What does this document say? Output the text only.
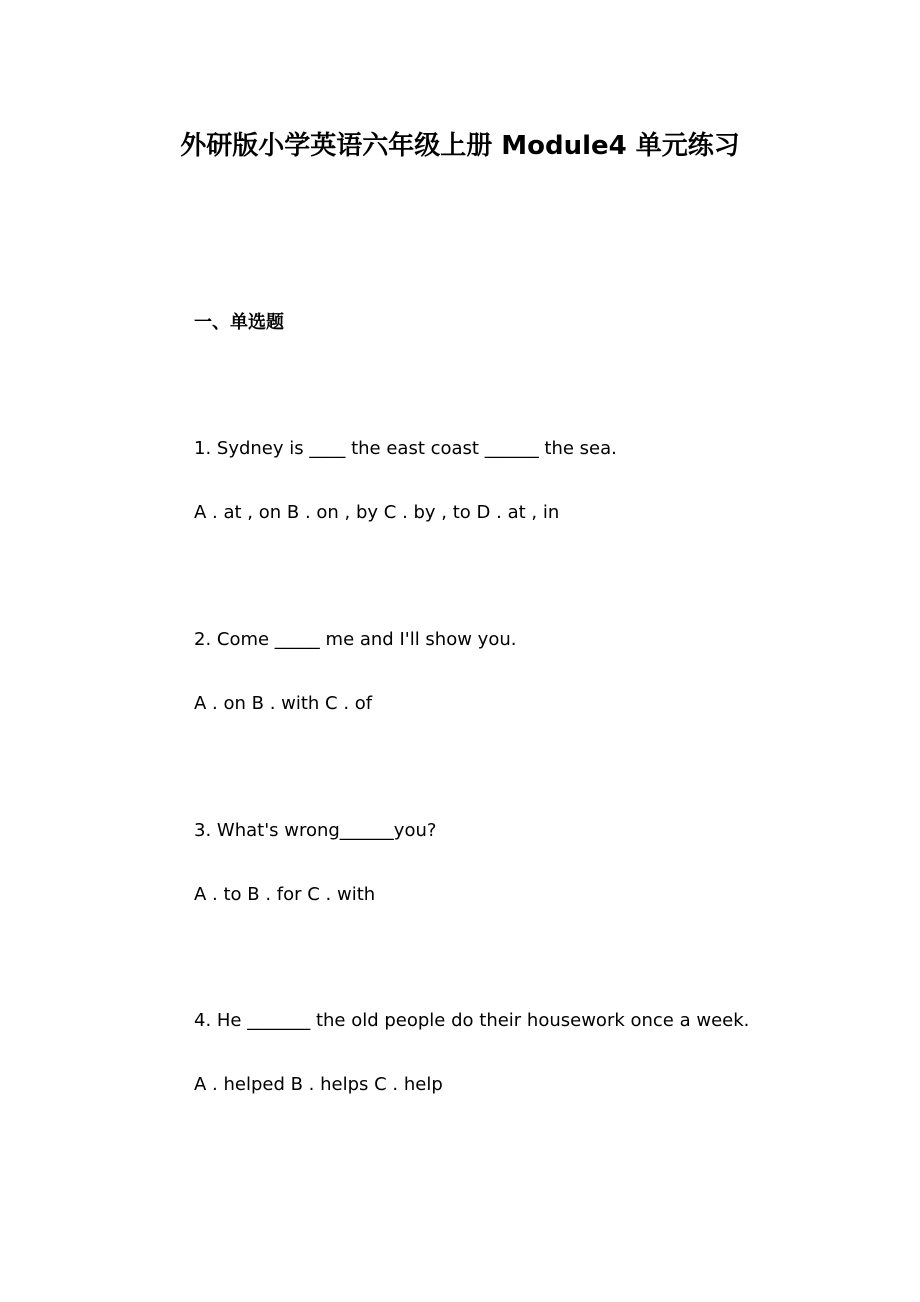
外研版小学英语六年级上册 Module4 单元练习
一、单选题

1. Sydney is ____ the east coast ______ the sea.

A . at , on B . on , by C . by , to D . at , in

2. Come _____ me and I'll show you.

A . on B . with C . of

3. What's wrong______you?

A . to B . for C . with

4. He _______ the old people do their housework once a week.

A . helped B . helps C . help
